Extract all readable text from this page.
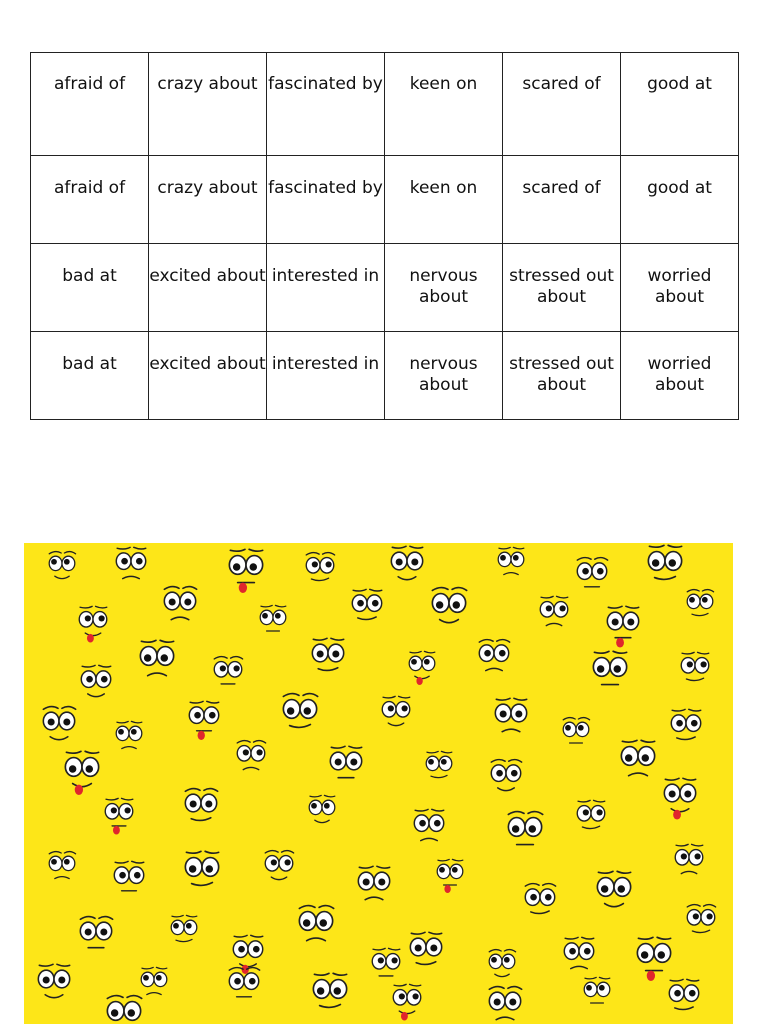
afraid of	crazy about	fascinated by	keen on	scared of	good at
afraid of	crazy about	fascinated by	keen on	scared of	good at
bad at	excited about	interested in	nervous about	stressed out about	worried about
bad at	excited about	interested in	nervous about	stressed out about	worried about
